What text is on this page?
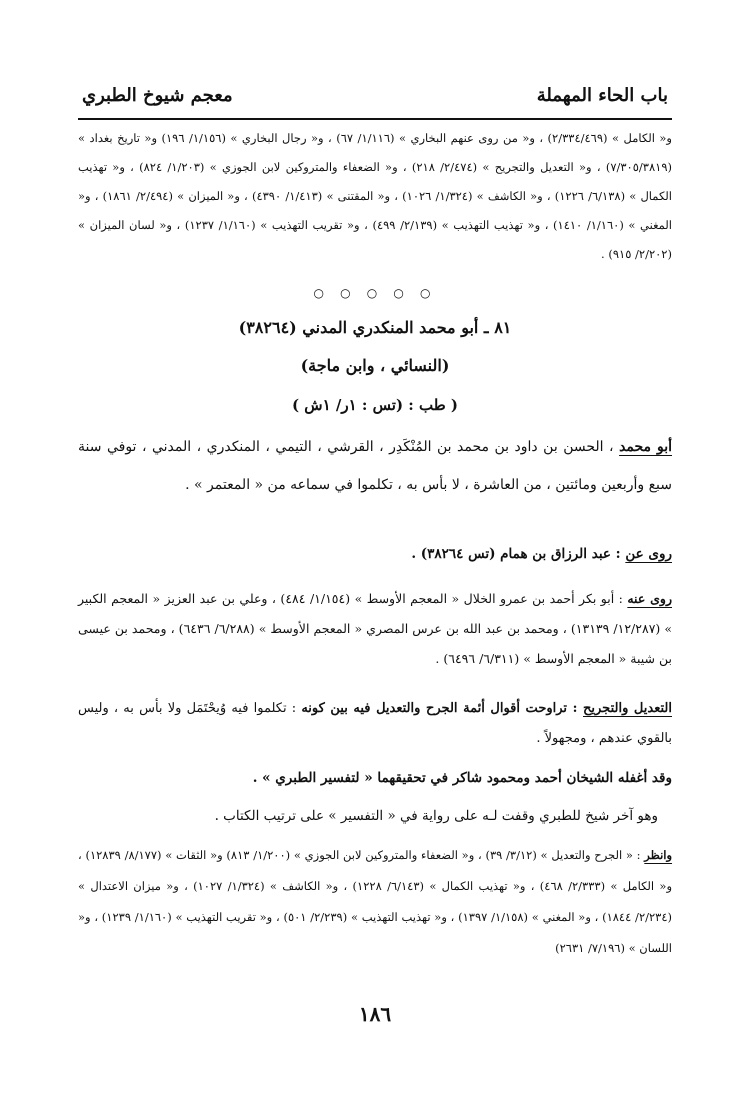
باب الحاء المهملة
معجم شيوخ الطبري
و« الكامل » (٢/٣٣٤/٤٦٩) ، و« من روى عنهم البخاري » (١/١١٦/ ٦٧) ، و« رجال البخاري » (١/١٥٦/ ١٩٦) و« تاريخ بغداد » (٧/٣٠٥/٣٨١٩) ، و« التعديل والتجريح » (٢/٤٧٤/ ٢١٨) ، و« الضعفاء والمتروكين لابن الجوزي » (١/٢٠٣/ ٨٢٤) ، و« تهذيب الكمال » (٦/١٣٨/ ١٢٢٦) ، و« الكاشف » (١/٣٢٤/ ١٠٢٦) ، و« المقتنى » (١/٤١٣/ ٤٣٩٠) ، و« الميزان » (٢/٤٩٤/ ١٨٦١) ، و« المغني » (١/١٦٠/ ١٤١٠) ، و« تهذيب التهذيب » (٢/١٣٩/ ٤٩٩) ، و« تقريب التهذيب » (١/١٦٠/ ١٢٣٧) ، و« لسان الميزان » (٢/٢٠٢/ ٩١٥) .
○ ○ ○ ○ ○
٨١ ـ أبو محمد المنكدري المدني (٣٨٢٦٤)
(النسائي ، وابن ماجة)
( طب : (تس : ١ر/ ١ش )
أبو محمد ، الحسن بن داود بن محمد بن المُنْكَدِر ، القرشي ، التيمي ، المنكدري ، المدني ، توفي سنة سبع وأربعين ومائتين ، من العاشرة ، لا بأس به ، تكلموا في سماعه من « المعتمر » .
روى عن : عبد الرزاق بن همام (تس ٣٨٢٦٤) .
روى عنه : أبو بكر أحمد بن عمرو الخلال « المعجم الأوسط » (١/١٥٤/ ٤٨٤) ، وعلي بن عبد العزيز « المعجم الكبير » (١٢/٢٨٧/ ١٣١٣٩) ، ومحمد بن عبد الله بن عرس المصري « المعجم الأوسط » (٦/٢٨٨/ ٦٤٣٦) ، ومحمد بن عيسى بن شيبة « المعجم الأوسط » (٦/٣١١/ ٦٤٩٦) .
التعديل والتجريح : تراوحت أقوال أئمة الجرح والتعديل فيه بين كونه : تكلموا فيه وُيحْتَمَل ولا بأس به ، وليس بالقوي عندهم ، ومجهولاً .
وقد أغفله الشيخان أحمد ومحمود شاكر في تحقيقهما « لتفسير الطبري » .
وهو آخر شيخ للطبري وقفت لـه على رواية في « التفسير » على ترتيب الكتاب .
وانظر : « الجرح والتعديل » (٣/١٢/ ٣٩) ، و« الضعفاء والمتروكين لابن الجوزي » (١/٢٠٠/ ٨١٣) و« الثقات » (٨/١٧٧/ ١٢٨٣٩) ، و« الكامل » (٢/٣٣٣/ ٤٦٨) ، و« تهذيب الكمال » (٦/١٤٣/ ١٢٢٨) ، و« الكاشف » (١/٣٢٤/ ١٠٢٧) ، و« ميزان الاعتدال » (٢/٢٣٤/ ١٨٤٤) ، و« المغني » (١/١٥٨/ ١٣٩٧) ، و« تهذيب التهذيب » (٢/٢٣٩/ ٥٠١) ، و« تقريب التهذيب » (١/١٦٠/ ١٢٣٩) ، و« اللسان » (٧/١٩٦/ ٢٦٣١)
١٨٦
